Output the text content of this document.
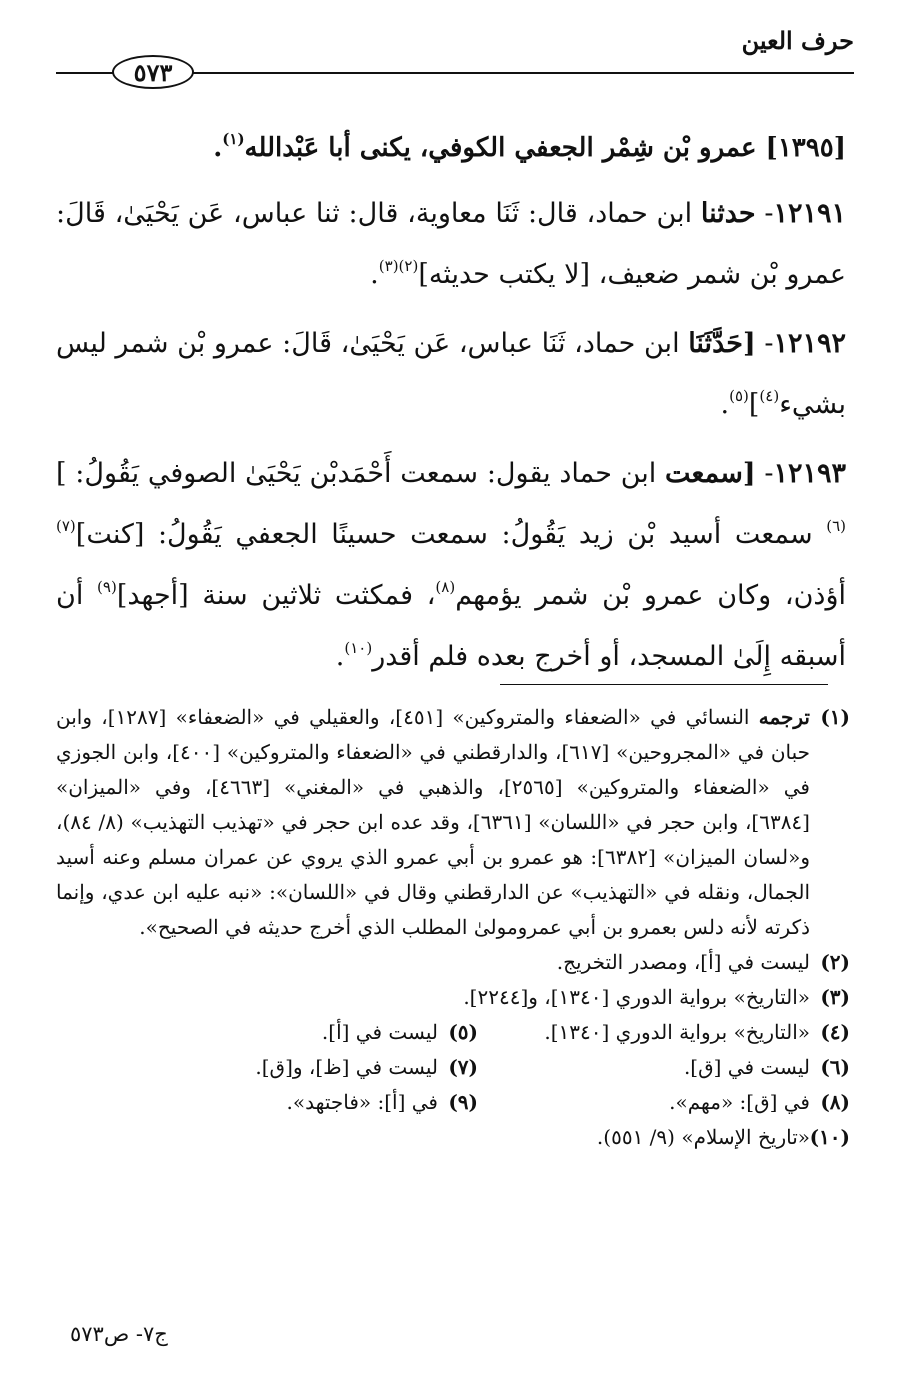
حرف العين
٥٧٣
[١٣٩٥] عمرو بْن شِمْر الجعفي الكوفي، يكنى أبا عَبْدالله$^{(١)}$.

١٢١٩١- حدثنا ابن حماد، قال: ثَنَا معاوية، قال: ثنا عباس، عَن يَحْيَىٰ، قَالَ: عمرو بْن شمر ضعيف، [لا يكتب حديثه]$^{(٢)(٣)}$.

١٢١٩٢- [حَدَّثَنَا ابن حماد، ثَنَا عباس، عَن يَحْيَىٰ، قَالَ: عمرو بْن شمر ليس بشيء$^{(٤)}$]$^{(٥)}$.

١٢١٩٣- [سمعت ابن حماد يقول: سمعت أَحْمَدبْن يَحْيَىٰ الصوفي يَقُولُ: ]$^{(٦)}$ سمعت أسيد بْن زيد يَقُولُ: سمعت حسينًا الجعفي يَقُولُ: [كنت]$^{(٧)}$ أؤذن، وكان عمرو بْن شمر يؤمهم$^{(٨)}$، فمكثت ثلاثين سنة [أجهد]$^{(٩)}$ أن أسبقه إِلَىٰ المسجد، أو أخرج بعده فلم أقدر$^{(١٠)}$.

(١)
ترجمه النسائي في «الضعفاء والمتروكين» [٤٥١]، والعقيلي في «الضعفاء» [١٢٨٧]، وابن حبان في «المجروحين» [٦١٧]، والدارقطني في «الضعفاء والمتروكين» [٤٠٠]، وابن الجوزي في «الضعفاء والمتروكين» [٢٥٦٥]، والذهبي في «المغني» [٤٦٦٣]، وفي «الميزان» [٦٣٨٤]، وابن حجر في «اللسان» [٦٣٦١]، وقد عده ابن حجر في «تهذيب التهذيب» (٨/ ٨٤)، و«لسان الميزان» [٦٣٨٢]: هو عمرو بن أبي عمرو الذي يروي عن عمران مسلم وعنه أسيد الجمال، ونقله في «التهذيب» عن الدارقطني وقال في «اللسان»: «نبه عليه ابن عدي، وإنما ذكرته لأنه دلس بعمرو بن أبي عمرومولىٰ المطلب الذي أخرج حديثه في الصحيح».
(٢)
ليست في [أ]، ومصدر التخريج.
(٣)
«التاريخ» برواية الدوري [١٣٤٠]، و[٢٢٤٤].
(٤)
«التاريخ» برواية الدوري [١٣٤٠].
(٥)
ليست في [أ].
(٦)
ليست في [ق].
(٧)
ليست في [ظ]، و[ق].
(٨)
في [ق]: «مهم».
(٩)
في [أ]: «فاجتهد».
(١٠)
«تاريخ الإسلام» (٩/ ٥٥١).
ج٧- ص٥٧٣
